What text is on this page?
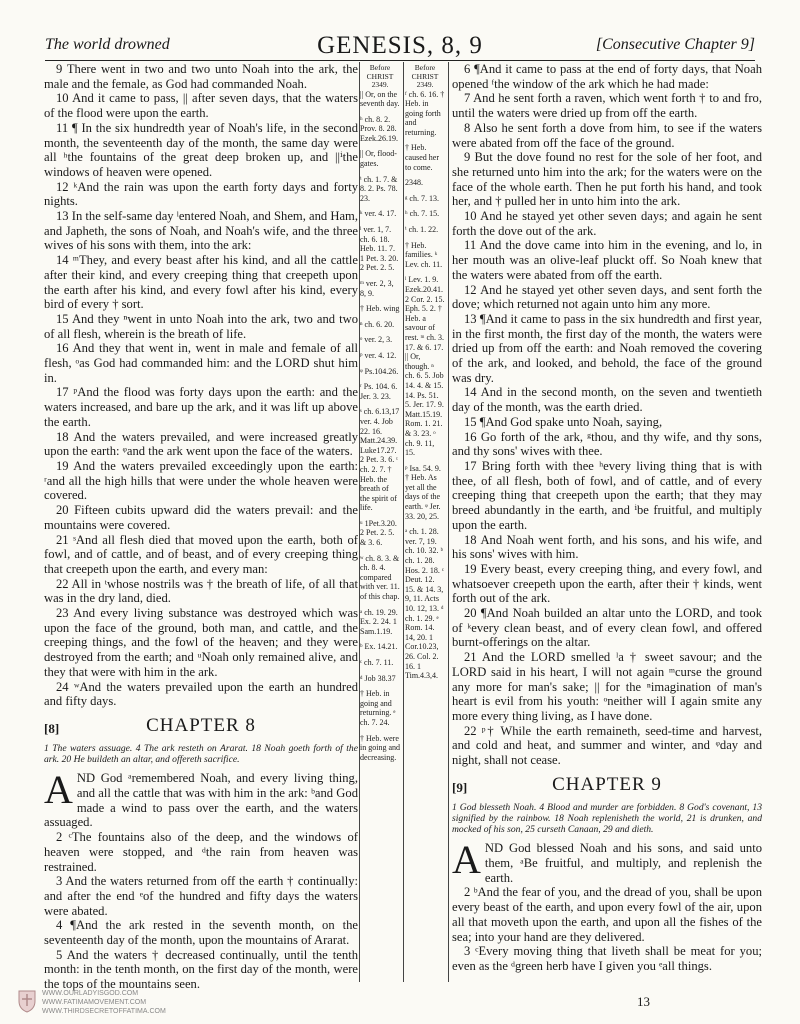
The world drowned	GENESIS, 8, 9	[Consecutive Chapter 9]

9 There went in two and two unto Noah into the ark, the male and the female, as God had commanded Noah.

10 And it came to pass, || after seven days, that the waters of the flood were upon the earth.

11 ¶ In the six hundredth year of Noah's life, in the second month, the seventeenth day of the month, the same day were all ʰthe fountains of the great deep broken up, and ||ⁱthe windows of heaven were opened.

12 ᵏAnd the rain was upon the earth forty days and forty nights.

13 In the self-same day ˡentered Noah, and Shem, and Ham, and Japheth, the sons of Noah, and Noah's wife, and the three wives of his sons with them, into the ark:

14 ᵐThey, and every beast after his kind, and all the cattle after their kind, and every creeping thing that creepeth upon the earth after his kind, and every fowl after his kind, every bird of every † sort.

15 And they ⁿwent in unto Noah into the ark, two and two of all flesh, wherein is the breath of life.

16 And they that went in, went in male and female of all flesh, ᵒas God had commanded him: and the LORD shut him in.

17 ᵖAnd the flood was forty days upon the earth: and the waters increased, and bare up the ark, and it was lift up above the earth.

18 And the waters prevailed, and were increased greatly upon the earth: ᵠand the ark went upon the face of the waters.

19 And the waters prevailed exceedingly upon the earth: ʳand all the high hills that were under the whole heaven were covered.

20 Fifteen cubits upward did the waters prevail: and the mountains were covered.

21 ˢAnd all flesh died that moved upon the earth, both of fowl, and of cattle, and of beast, and of every creeping thing that creepeth upon the earth, and every man:

22 All in ᵗwhose nostrils was † the breath of life, of all that was in the dry land, died.

23 And every living substance was destroyed which was upon the face of the ground, both man, and cattle, and the creeping things, and the fowl of the heaven; and they were destroyed from the earth; and ᵘNoah only remained alive, and they that were with him in the ark.

24 ʷAnd the waters prevailed upon the earth an hundred and fifty days.

[8]	CHAPTER 8
1 The waters assuage. 4 The ark resteth on Ararat. 18 Noah goeth forth of the ark. 20 He buildeth an altar, and offereth sacrifice.

AND God ᵃremembered Noah, and every living thing, and all the cattle that was with him in the ark: ᵇand God made a wind to pass over the earth, and the waters assuaged.

2 ᶜThe fountains also of the deep, and the windows of heaven were stopped, and ᵈthe rain from heaven was restrained.

3 And the waters returned from off the earth † continually: and after the end ᵉof the hundred and fifty days the waters were abated.

4 ¶And the ark rested in the seventh month, on the seventeenth day of the month, upon the mountains of Ararat.

5 And the waters † decreased continually, until the tenth month: in the tenth month, on the first day of the month, were the tops of the mountains seen.

Before CHRIST 2349.
|| Or, on the seventh day.
ʰ ch. 8. 2. Prov. 8. 28. Ezek.26.19.
|| Or, flood-gates.
ⁱ ch. 1. 7. & 8. 2. Ps. 78. 23.
ᵏ ver. 4. 17.
ˡ ver. 1, 7. ch. 6. 18. Heb. 11. 7. 1 Pet. 3. 20. 2 Pet. 2. 5.
ᵐ ver. 2, 3, 8, 9.
† Heb. wing
ⁿ ch. 6. 20.
ᵒ ver. 2, 3.
ᵖ ver. 4. 12.
ᵠ Ps.104.26.
ʳ Ps. 104. 6. Jer. 3. 23.
ˢ ch. 6.13,17 ver. 4. Job 22. 16. Matt.24.39. Luke17.27. 2 Pet. 3. 6. ᵗ ch. 2. 7. † Heb. the breath of the spirit of life.
ᵘ 1Pet.3.20. 2 Pet. 2. 5. & 3. 6.
ʷ ch. 8. 3. & ch. 8. 4. compared with ver. 11. of this chap.
ᵃ ch. 19. 29. Ex. 2. 24. 1 Sam.1.19.
ᵇ Ex. 14.21.
ᶜ ch. 7. 11.
ᵈ Job 38.37
† Heb. in going and returning. ᵉ ch. 7. 24.
† Heb. were in going and decreasing.
Before CHRIST 2349.
ᶠ ch. 6. 16. † Heb. in going forth and returning.
† Heb. caused her to come.
2348.
ᵍ ch. 7. 13.
ʰ ch. 7. 15.
ⁱ ch. 1. 22.
† Heb. families. ᵏ Lev. ch. 11.
ˡ Lev. 1. 9. Ezek.20.41. 2 Cor. 2. 15. Eph. 5. 2. † Heb. a savour of rest. ᵐ ch. 3. 17. & 6. 17. || Or, though. ⁿ ch. 6. 5. Job 14. 4. & 15. 14. Ps. 51. 5. Jer. 17. 9. Matt.15.19. Rom. 1. 21. & 3. 23. ᵒ ch. 9. 11, 15.
ᵖ Isa. 54. 9. † Heb. As yet all the days of the earth. ᵠ Jer. 33. 20, 25.
ᵃ ch. 1. 28. ver. 7, 19. ch. 10. 32. ᵇ ch. 1. 28. Hos. 2. 18. ᶜ Deut. 12. 15. & 14. 3, 9, 11. Acts 10. 12, 13. ᵈ ch. 1. 29. ᵉ Rom. 14. 14, 20. 1 Cor.10.23, 26. Col. 2. 16. 1 Tim.4.3,4.

6 ¶And it came to pass at the end of forty days, that Noah opened ᶠthe window of the ark which he had made:

7 And he sent forth a raven, which went forth † to and fro, until the waters were dried up from off the earth.

8 Also he sent forth a dove from him, to see if the waters were abated from off the face of the ground.

9 But the dove found no rest for the sole of her foot, and she returned unto him into the ark; for the waters were on the face of the whole earth. Then he put forth his hand, and took her, and † pulled her in unto him into the ark.

10 And he stayed yet other seven days; and again he sent forth the dove out of the ark.

11 And the dove came into him in the evening, and lo, in her mouth was an olive-leaf pluckt off. So Noah knew that the waters were abated from off the earth.

12 And he stayed yet other seven days, and sent forth the dove; which returned not again unto him any more.

13 ¶And it came to pass in the six hundredth and first year, in the first month, the first day of the month, the waters were dried up from off the earth: and Noah removed the covering of the ark, and looked, and behold, the face of the ground was dry.

14 And in the second month, on the seven and twentieth day of the month, was the earth dried.

15 ¶And God spake unto Noah, saying,

16 Go forth of the ark, ᵍthou, and thy wife, and thy sons, and thy sons' wives with thee.

17 Bring forth with thee ʰevery living thing that is with thee, of all flesh, both of fowl, and of cattle, and of every creeping thing that creepeth upon the earth; that they may breed abundantly in the earth, and ⁱbe fruitful, and multiply upon the earth.

18 And Noah went forth, and his sons, and his wife, and his sons' wives with him.

19 Every beast, every creeping thing, and every fowl, and whatsoever creepeth upon the earth, after their † kinds, went forth out of the ark.

20 ¶And Noah builded an altar unto the LORD, and took of ᵏevery clean beast, and of every clean fowl, and offered burnt-offerings on the altar.

21 And the LORD smelled ˡa † sweet savour; and the LORD said in his heart, I will not again ᵐcurse the ground any more for man's sake; || for the ⁿimagination of man's heart is evil from his youth: ᵒneither will I again smite any more every thing living, as I have done.

22 ᵖ† While the earth remaineth, seed-time and harvest, and cold and heat, and summer and winter, and ᵠday and night, shall not cease.

[9]	CHAPTER 9
1 God blesseth Noah. 4 Blood and murder are forbidden. 8 God's covenant, 13 signified by the rainbow. 18 Noah replenisheth the world, 21 is drunken, and mocked of his son, 25 curseth Canaan, 29 and dieth.

AND God blessed Noah and his sons, and said unto them, ᵃBe fruitful, and multiply, and replenish the earth.

2 ᵇAnd the fear of you, and the dread of you, shall be upon every beast of the earth, and upon every fowl of the air, upon all that moveth upon the earth, and upon all the fishes of the sea; into your hand are they delivered.

3 ᶜEvery moving thing that liveth shall be meat for you; even as the ᵈgreen herb have I given you ᵉall things.

13
WWW.OURLADYISGOD.COM
WWW.FATIMAMOVEMENT.COM
WWW.THIRDSECRETOFFATIMA.COM
